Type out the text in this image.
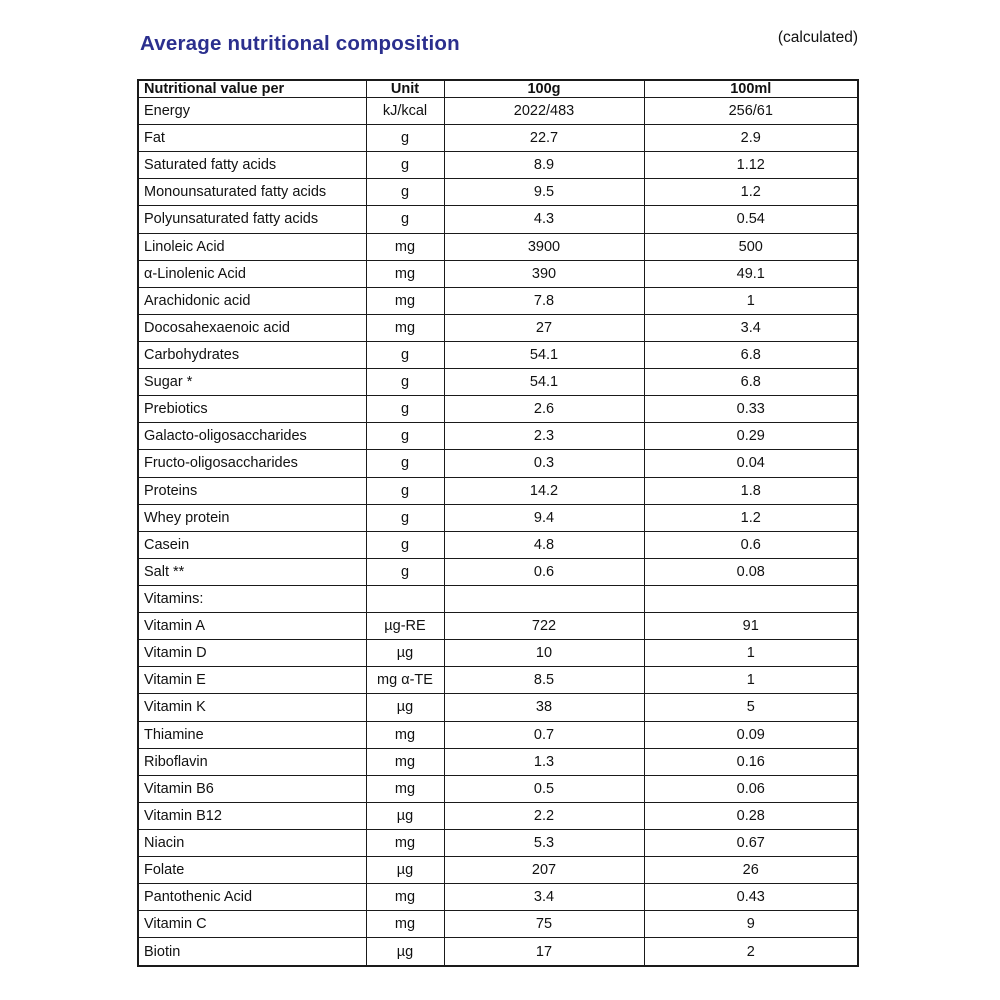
Average nutritional composition	(calculated)
Nutritional value per	Unit	100g	100ml
Energy	kJ/kcal	2022/483	256/61
Fat	g	22.7	2.9
Saturated fatty acids	g	8.9	1.12
Monounsaturated fatty acids	g	9.5	1.2
Polyunsaturated fatty acids	g	4.3	0.54
Linoleic Acid	mg	3900	500
α-Linolenic Acid	mg	390	49.1
Arachidonic acid	mg	7.8	1
Docosahexaenoic acid	mg	27	3.4
Carbohydrates	g	54.1	6.8
Sugar *	g	54.1	6.8
Prebiotics	g	2.6	0.33
Galacto-oligosaccharides	g	2.3	0.29
Fructo-oligosaccharides	g	0.3	0.04
Proteins	g	14.2	1.8
Whey protein	g	9.4	1.2
Casein	g	4.8	0.6
Salt **	g	0.6	0.08
Vitamins:			
Vitamin A	µg-RE	722	91
Vitamin D	µg	10	1
Vitamin E	mg α-TE	8.5	1
Vitamin K	µg	38	5
Thiamine	mg	0.7	0.09
Riboflavin	mg	1.3	0.16
Vitamin B6	mg	0.5	0.06
Vitamin B12	µg	2.2	0.28
Niacin	mg	5.3	0.67
Folate	µg	207	26
Pantothenic Acid	mg	3.4	0.43
Vitamin C	mg	75	9
Biotin	µg	17	2
